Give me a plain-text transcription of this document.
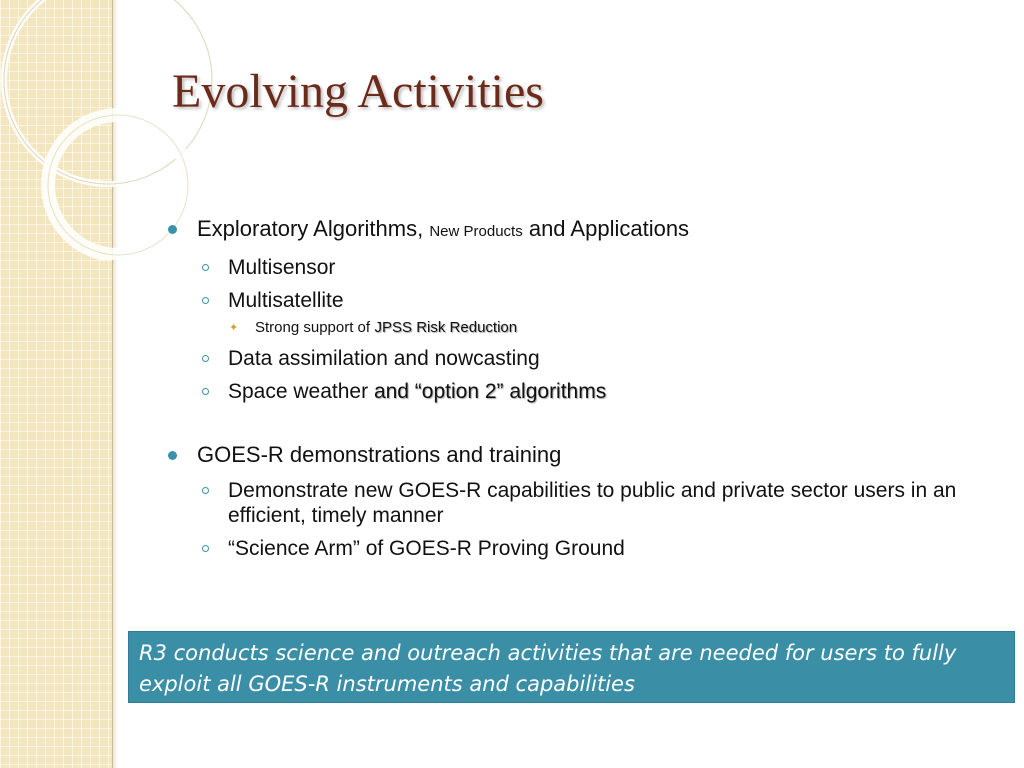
Evolving Activities
Exploratory Algorithms, New Products and Applications
Multisensor
Multisatellite
✦ Strong support of JPSS Risk Reduction
Data assimilation and nowcasting
Space weather and “option 2” algorithms
GOES-R demonstrations and training
Demonstrate new GOES-R capabilities to public and private sector users in an efficient, timely manner
“Science Arm” of GOES-R Proving Ground
R3 conducts science and outreach activities that are needed for users to fully exploit all GOES-R instruments and capabilities
